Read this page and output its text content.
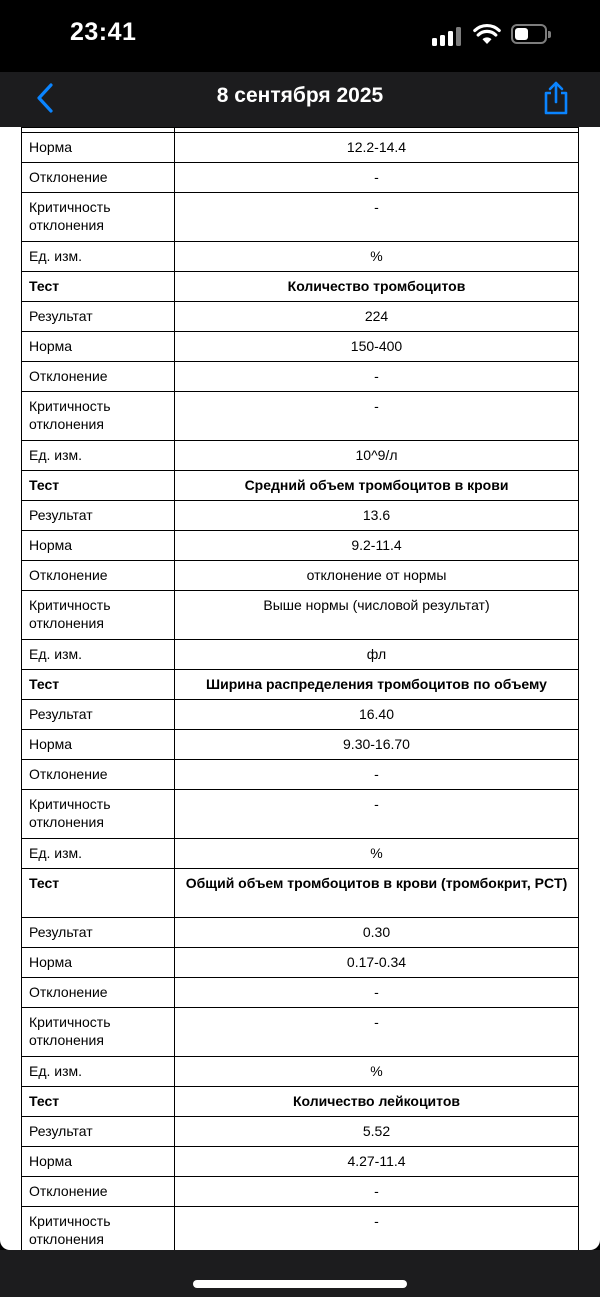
23:41
8 сентября 2025

Норма	12.2-14.4
Отклонение	-
Критичность отклонения	-
Ед. изм.	%
Тест	Количество тромбоцитов
Результат	224
Норма	150-400
Отклонение	-
Критичность отклонения	-
Ед. изм.	10^9/л
Тест	Средний объем тромбоцитов в крови
Результат	13.6
Норма	9.2-11.4
Отклонение	отклонение от нормы
Критичность отклонения	Выше нормы (числовой результат)
Ед. изм.	фл
Тест	Ширина распределения тромбоцитов по объему
Результат	16.40
Норма	9.30-16.70
Отклонение	-
Критичность отклонения	-
Ед. изм.	%
Тест	Общий объем тромбоцитов в крови (тромбокрит, PCT)
Результат	0.30
Норма	0.17-0.34
Отклонение	-
Критичность отклонения	-
Ед. изм.	%
Тест	Количество лейкоцитов
Результат	5.52
Норма	4.27-11.4
Отклонение	-
Критичность отклонения	-
